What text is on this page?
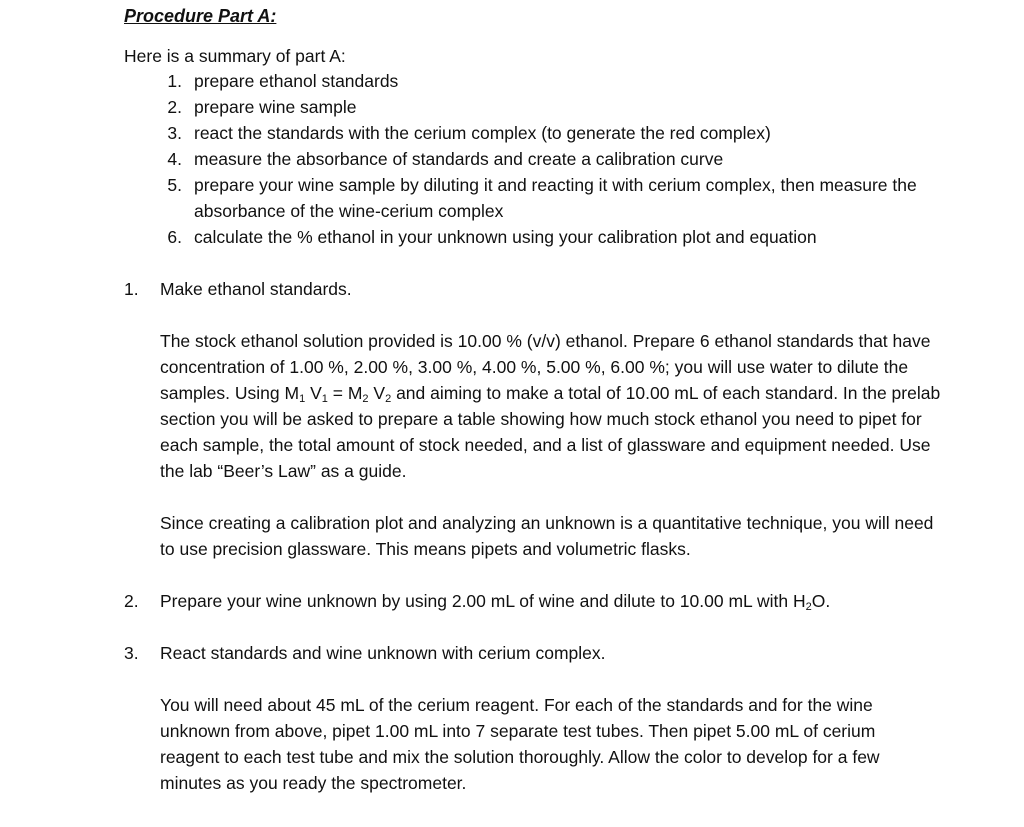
Procedure Part A:
Here is a summary of part A:
1. prepare ethanol standards
2. prepare wine sample
3. react the standards with the cerium complex (to generate the red complex)
4. measure the absorbance of standards and create a calibration curve
5. prepare your wine sample by diluting it and reacting it with cerium complex, then measure the
absorbance of the wine-cerium complex
6. calculate the % ethanol in your unknown using your calibration plot and equation
1. Make ethanol standards.
The stock ethanol solution provided is 10.00 % (v/v) ethanol. Prepare 6 ethanol standards that have
concentration of 1.00 %, 2.00 %, 3.00 %, 4.00 %, 5.00 %, 6.00 %; you will use water to dilute the
samples. Using $M_1$ $V_1 = M_2$ $V_2$ and aiming to make a total of 10.00 mL of each standard. In the prelab
section you will be asked to prepare a table showing how much stock ethanol you need to pipet for
each sample, the total amount of stock needed, and a list of glassware and equipment needed. Use
the lab “Beer’s Law” as a guide.
Since creating a calibration plot and analyzing an unknown is a quantitative technique, you will need
to use precision glassware. This means pipets and volumetric flasks.
2. Prepare your wine unknown by using 2.00 mL of wine and dilute to 10.00 mL with $H_2O$.
3. React standards and wine unknown with cerium complex.
You will need about 45 mL of the cerium reagent. For each of the standards and for the wine
unknown from above, pipet 1.00 mL into 7 separate test tubes. Then pipet 5.00 mL of cerium
reagent to each test tube and mix the solution thoroughly. Allow the color to develop for a few
minutes as you ready the spectrometer.
